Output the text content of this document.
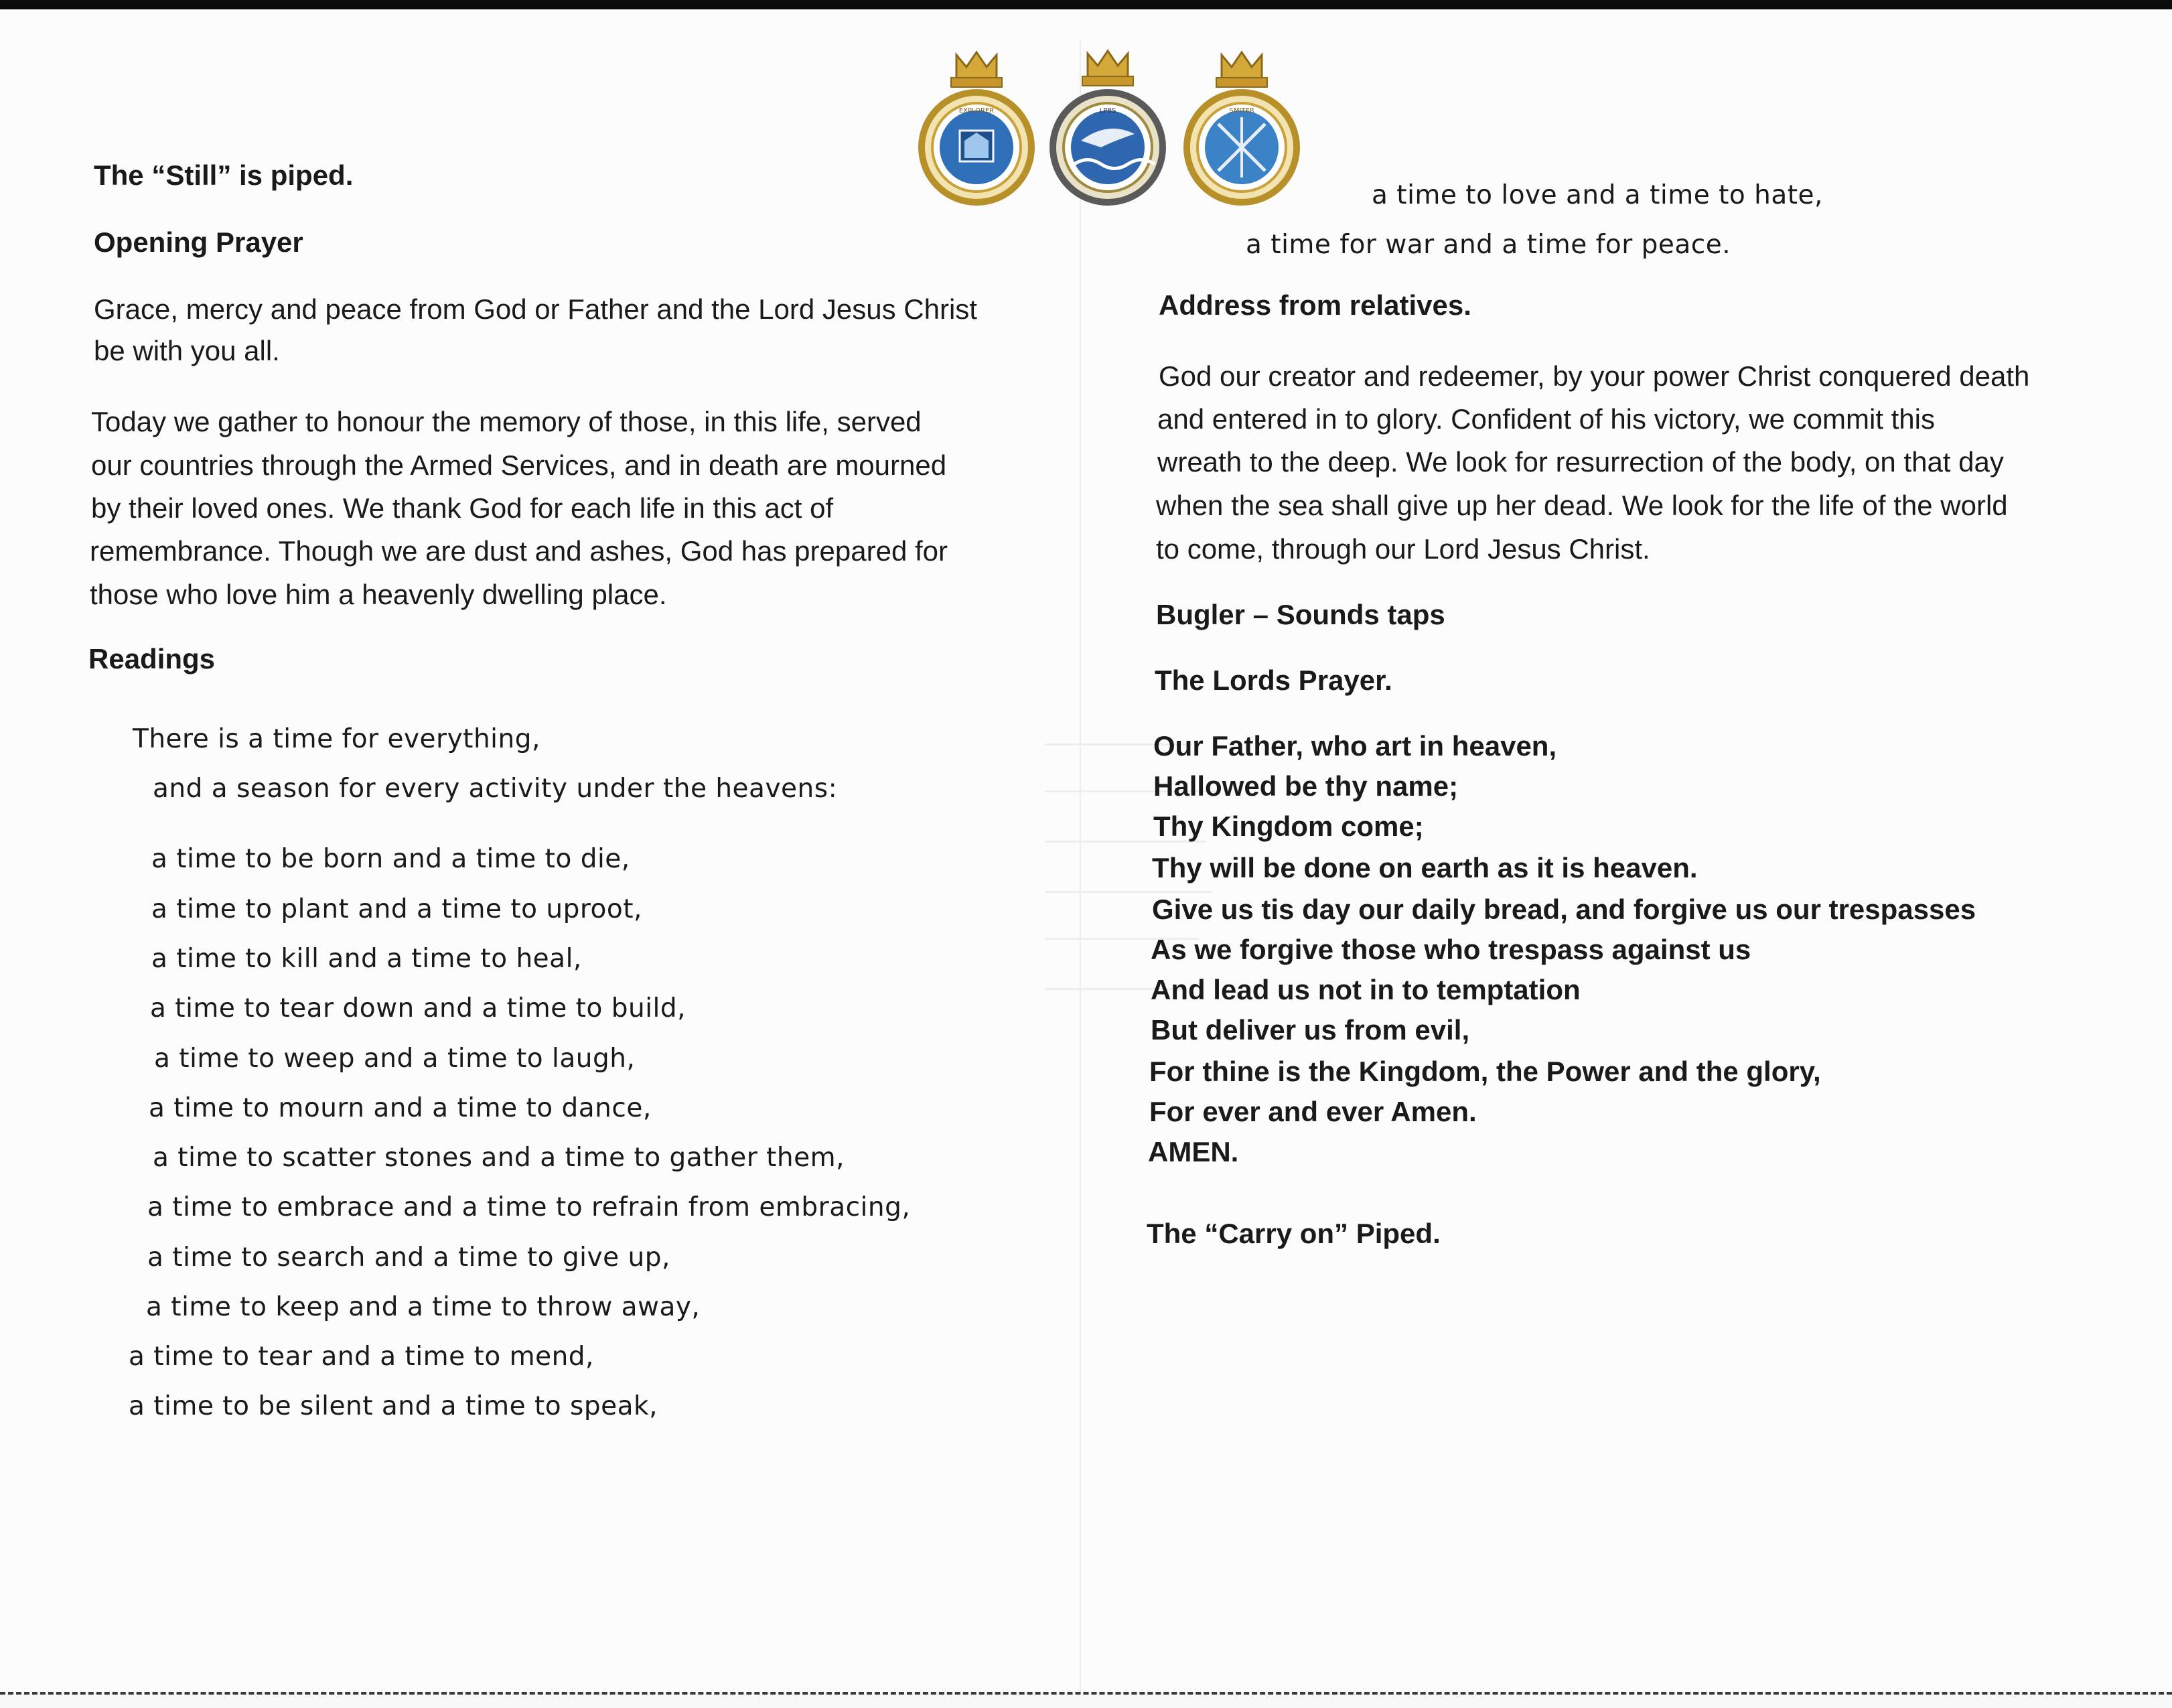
EXPLORER	LPBS	SMITER

The “Still” is piped.

Opening Prayer

Grace, mercy and peace from God or Father and the Lord Jesus Christ

be with you all.

Today we gather to honour the memory of those, in this life, served

our countries through the Armed Services, and in death are mourned

by their loved ones. We thank God for each life in this act of

remembrance. Though we are dust and ashes, God has prepared for

those who love him a heavenly dwelling place.

Readings

There is a time for everything,

and a season for every activity under the heavens:

a time to be born and a time to die,

a time to plant and a time to uproot,

a time to kill and a time to heal,

a time to tear down and a time to build,

a time to weep and a time to laugh,

a time to mourn and a time to dance,

a time to scatter stones and a time to gather them,

a time to embrace and a time to refrain from embracing,

a time to search and a time to give up,

a time to keep and a time to throw away,

a time to tear and a time to mend,

a time to be silent and a time to speak,

a time to love and a time to hate,

a time for war and a time for peace.

Address from relatives.

God our creator and redeemer, by your power Christ conquered death

and entered in to glory. Confident of his victory, we commit this

wreath to the deep. We look for resurrection of the body, on that day

when the sea shall give up her dead. We look for the life of the world

to come, through our Lord Jesus Christ.

Bugler – Sounds taps

The Lords Prayer.

Our Father, who art in heaven,

Hallowed be thy name;

Thy Kingdom come;

Thy will be done on earth as it is heaven.

Give us tis day our daily bread, and forgive us our trespasses

As we forgive those who trespass against us

And lead us not in to temptation

But deliver us from evil,

For thine is the Kingdom, the Power and the glory,

For ever and ever Amen.

AMEN.

The “Carry on” Piped.
